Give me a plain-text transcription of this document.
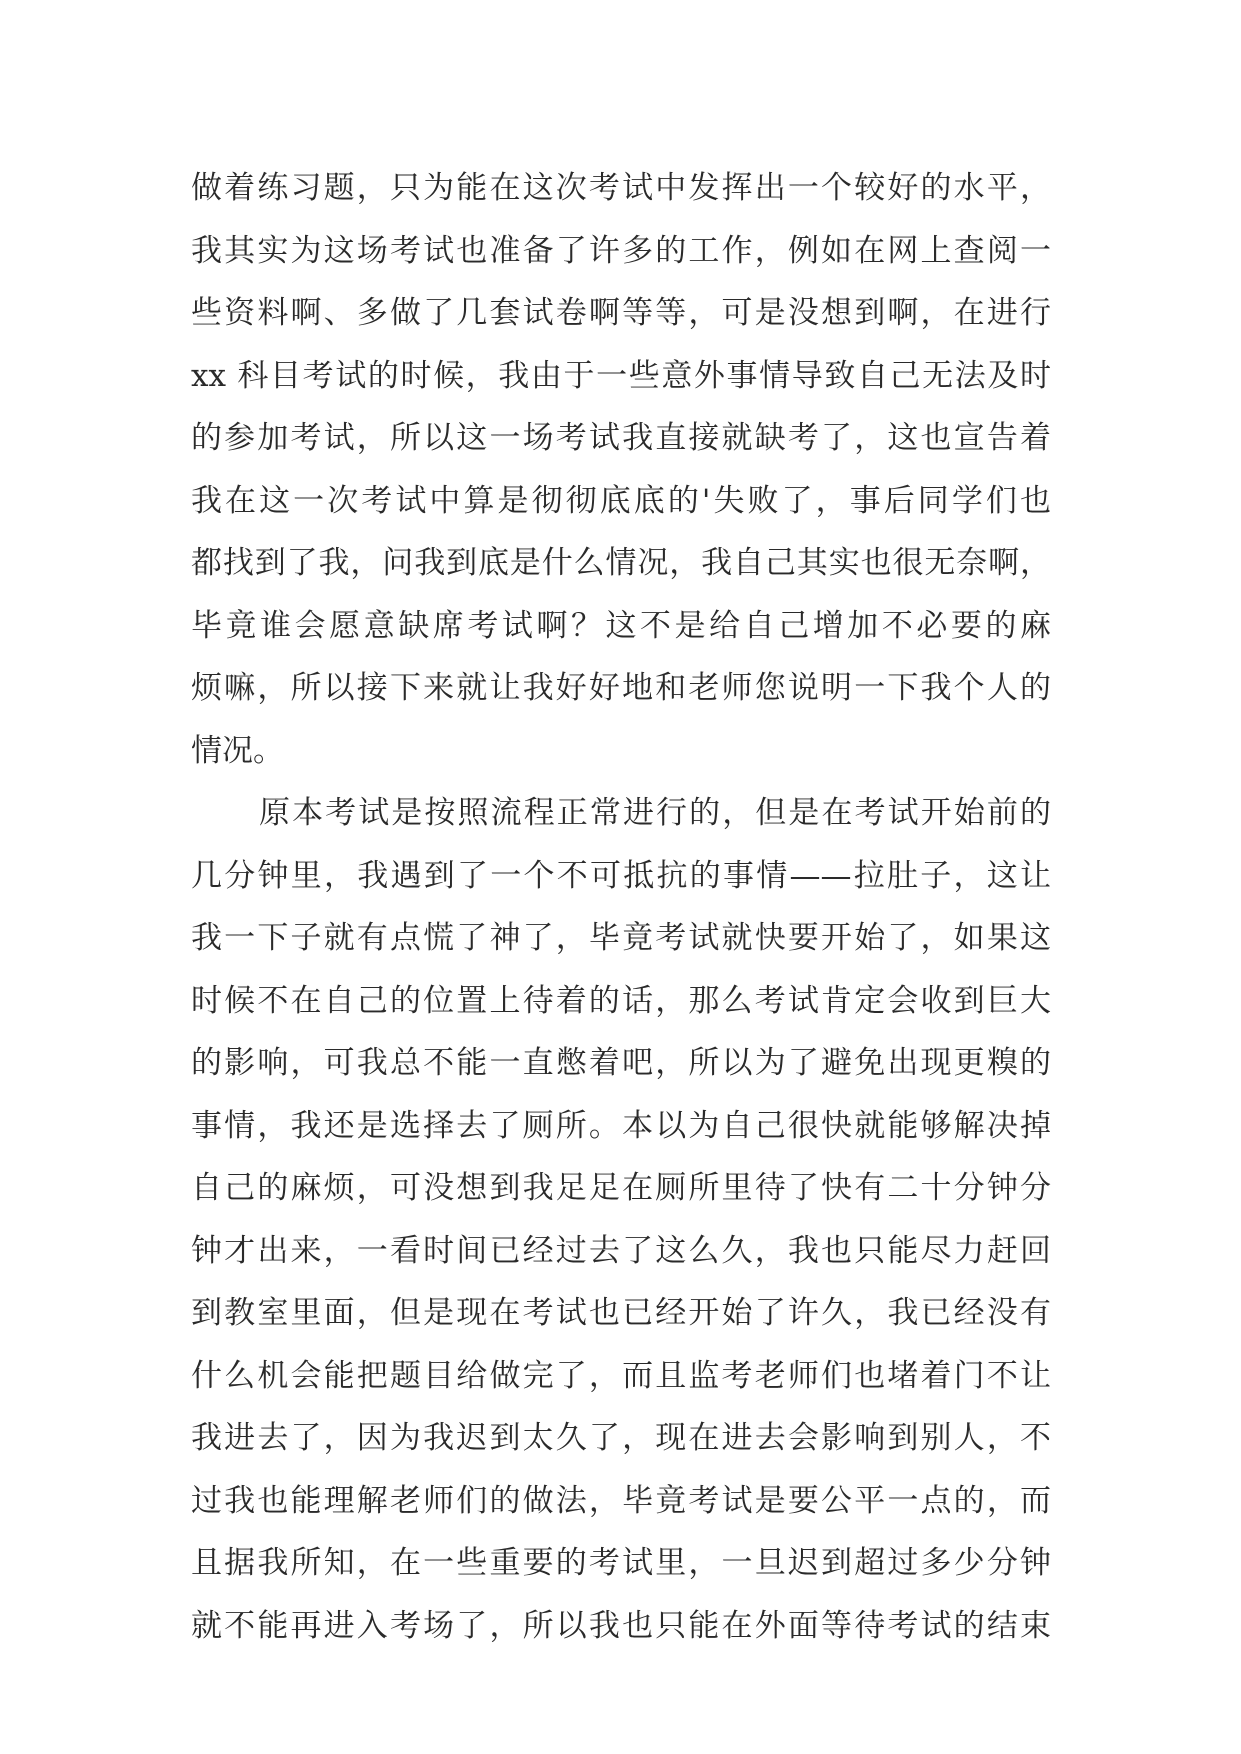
做着练习题，只为能在这次考试中发挥出一个较好的水平，
我其实为这场考试也准备了许多的工作，例如在网上查阅一
些资料啊、多做了几套试卷啊等等，可是没想到啊，在进行
xx 科目考试的时候，我由于一些意外事情导致自己无法及时
的参加考试，所以这一场考试我直接就缺考了，这也宣告着
我在这一次考试中算是彻彻底底的'失败了，事后同学们也
都找到了我，问我到底是什么情况，我自己其实也很无奈啊，
毕竟谁会愿意缺席考试啊？这不是给自己增加不必要的麻
烦嘛，所以接下来就让我好好地和老师您说明一下我个人的
情况。
原本考试是按照流程正常进行的，但是在考试开始前的
几分钟里，我遇到了一个不可抵抗的事情——拉肚子，这让
我一下子就有点慌了神了，毕竟考试就快要开始了，如果这
时候不在自己的位置上待着的话，那么考试肯定会收到巨大
的影响，可我总不能一直憋着吧，所以为了避免出现更糗的
事情，我还是选择去了厕所。本以为自己很快就能够解决掉
自己的麻烦，可没想到我足足在厕所里待了快有二十分钟分
钟才出来，一看时间已经过去了这么久，我也只能尽力赶回
到教室里面，但是现在考试也已经开始了许久，我已经没有
什么机会能把题目给做完了，而且监考老师们也堵着门不让
我进去了，因为我迟到太久了，现在进去会影响到别人，不
过我也能理解老师们的做法，毕竟考试是要公平一点的，而
且据我所知，在一些重要的考试里，一旦迟到超过多少分钟
就不能再进入考场了，所以我也只能在外面等待考试的结束
